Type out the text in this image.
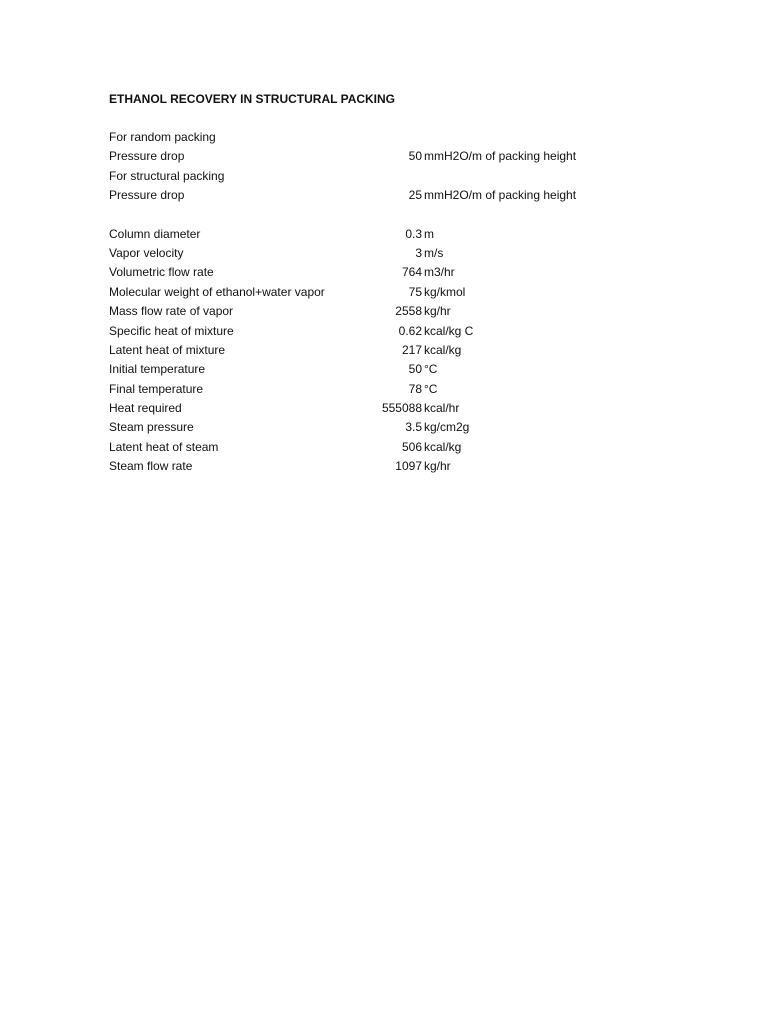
ETHANOL RECOVERY IN STRUCTURAL PACKING
For random packing
Pressure drop	50 mmH2O/m of packing height
For structural packing
Pressure drop	25 mmH2O/m of packing height
Column diameter	0.3 m
Vapor velocity	3 m/s
Volumetric flow rate	764 m3/hr
Molecular weight of ethanol+water vapor	75 kg/kmol
Mass flow rate of vapor	2558 kg/hr
Specific heat of mixture	0.62 kcal/kg C
Latent heat of mixture	217 kcal/kg
Initial temperature	50 °C
Final temperature	78 °C
Heat required	555088 kcal/hr
Steam pressure	3.5 kg/cm2g
Latent heat of steam	506 kcal/kg
Steam flow rate	1097 kg/hr
